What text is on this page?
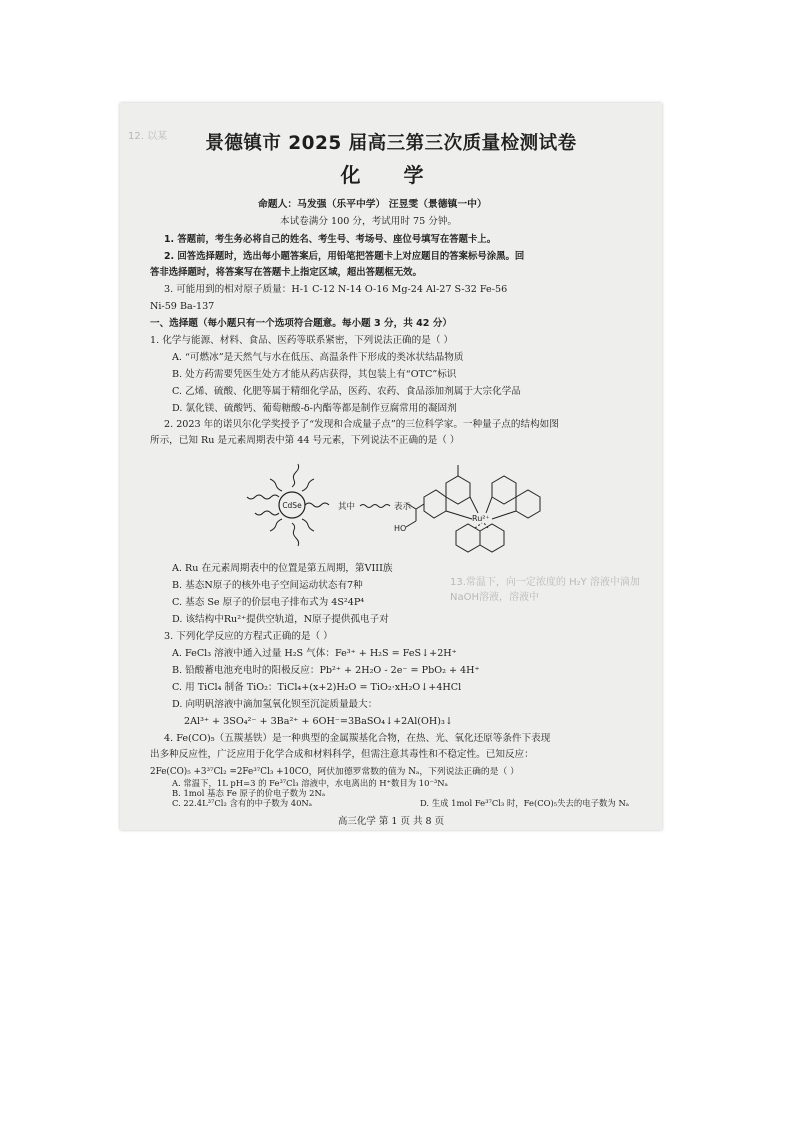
12. 以某
13.常温下，向一定浓度的 H₂Y 溶液中滴加 NaOH溶液，溶液中
景德镇市 2025 届高三第三次质量检测试卷
化 学
命题人：马发强（乐平中学） 汪昱雯（景德镇一中）
本试卷满分 100 分，考试用时 75 分钟。
1. 答题前，考生务必将自己的姓名、考生号、考场号、座位号填写在答题卡上。
2. 回答选择题时，选出每小题答案后，用铅笔把答题卡上对应题目的答案标号涂黑。回
答非选择题时，将答案写在答题卡上指定区域，超出答题框无效。
3. 可能用到的相对原子质量：H-1 C-12 N-14 O-16 Mg-24 Al-27 S-32 Fe-56
Ni-59 Ba-137
一、选择题（每小题只有一个选项符合题意。每小题 3 分，共 42 分）
1. 化学与能源、材料、食品、医药等联系紧密，下列说法正确的是（ ）
A. “可燃冰”是天然气与水在低压、高温条件下形成的类冰状结晶物质
B. 处方药需要凭医生处方才能从药店获得，其包装上有“OTC”标识
C. 乙烯、硫酸、化肥等属于精细化学品，医药、农药、食品添加剂属于大宗化学品
D. 氯化镁、硫酸钙、葡萄糖酸-δ-内酯等都是制作豆腐常用的凝固剂
2. 2023 年的诺贝尔化学奖授予了“发现和合成量子点”的三位科学家。一种量子点的结构如图
所示，已知 Ru 是元素周期表中第 44 号元素，下列说法不正确的是（ ）
CdSe	其中	表示
Ru²⁺
HO
A. Ru 在元素周期表中的位置是第五周期，第VIII族
B. 基态N原子的核外电子空间运动状态有7种
C. 基态 Se 原子的价层电子排布式为 4S²4P⁴
D. 该结构中Ru²⁺提供空轨道，N原子提供孤电子对
3. 下列化学反应的方程式正确的是（ ）
A. FeCl₃ 溶液中通入过量 H₂S 气体：Fe³⁺ + H₂S = FeS↓+2H⁺
B. 铅酸蓄电池充电时的阳极反应：Pb²⁺ + 2H₂O - 2e⁻ = PbO₂ + 4H⁺
C. 用 TiCl₄ 制备 TiO₂：TiCl₄+(x+2)H₂O = TiO₂·xH₂O↓+4HCl
D. 向明矾溶液中滴加氢氧化钡至沉淀质量最大：
2Al³⁺ + 3SO₄²⁻ + 3Ba²⁺ + 6OH⁻=3BaSO₄↓+2Al(OH)₃↓
4. Fe(CO)₅（五羰基铁）是一种典型的金属羰基化合物，在热、光、氧化还原等条件下表现
出多种反应性，广泛应用于化学合成和材料科学，但需注意其毒性和不稳定性。已知反应：
2Fe(CO)₅ +3³⁷Cl₂ =2Fe³⁷Cl₃ +10CO，阿伏加德罗常数的值为 Nₐ，下列说法正确的是（ ）
A. 常温下，1L pH=3 的 Fe³⁷Cl₃ 溶液中，水电离出的 H⁺数目为 10⁻³Nₐ
高三化学 第 1 页 共 8 页
B. 1mol 基态 Fe 原子的价电子数为 2Nₐ
C. 22.4L³⁷Cl₂ 含有的中子数为 40Nₐ	D. 生成 1mol Fe³⁷Cl₃ 时，Fe(CO)₅失去的电子数为 Nₐ
